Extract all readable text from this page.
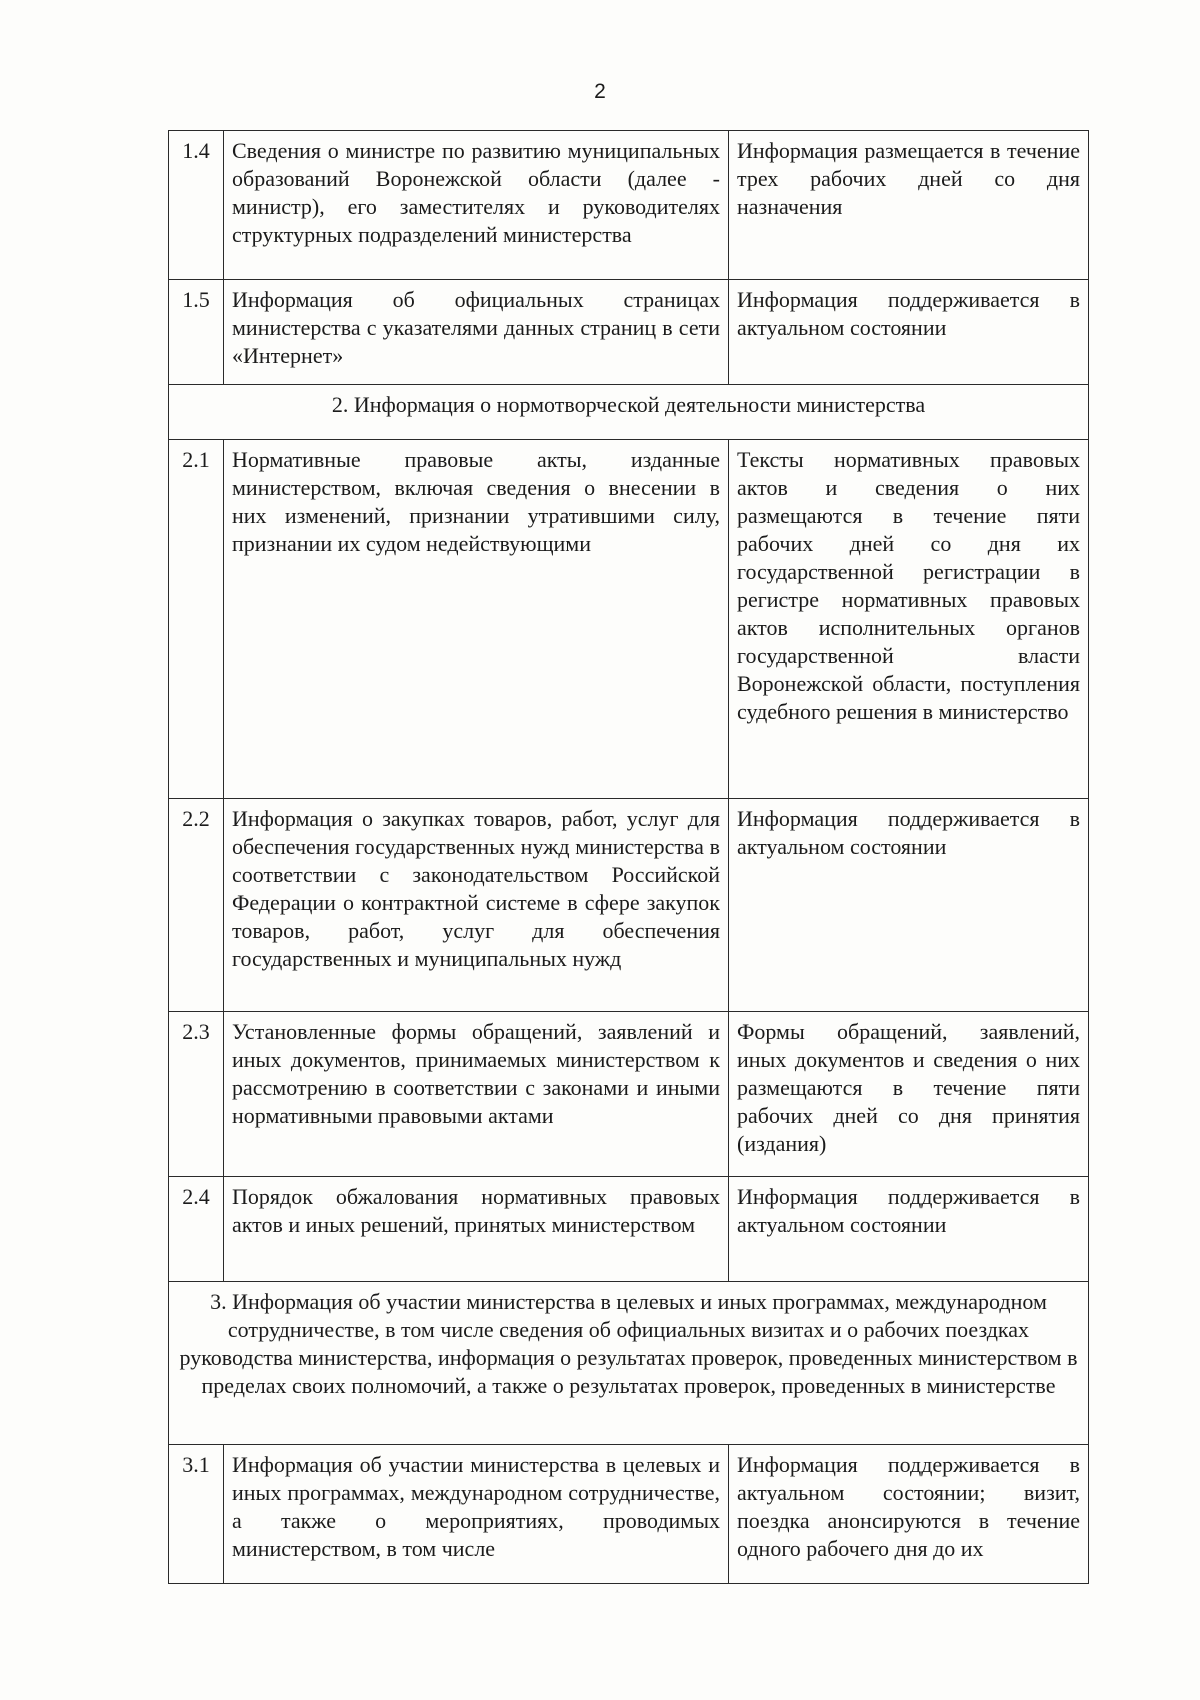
2
1.4	Сведения о министре по развитию муниципальных образований Воронежской области (далее - министр), его заместителях и руководителях структурных подразделений министерства	Информация размещается в течение трех рабочих дней со дня назначения
1.5	Информация об официальных страницах министерства с указателями данных страниц в сети «Интернет»	Информация поддерживается в актуальном состоянии
2. Информация о нормотворческой деятельности министерства		
2.1	Нормативные правовые акты, изданные министерством, включая сведения о внесении в них изменений, признании утратившими силу, признании их судом недействующими	Тексты нормативных правовых актов и сведения о них размещаются в течение пяти рабочих дней со дня их государственной регистрации в регистре нормативных правовых актов исполнительных органов государственной власти Воронежской области, поступления судебного решения в министерство
2.2	Информация о закупках товаров, работ, услуг для обеспечения государственных нужд министерства в соответствии с законодательством Российской Федерации о контрактной системе в сфере закупок товаров, работ, услуг для обеспечения государственных и муниципальных нужд	Информация поддерживается в актуальном состоянии
2.3	Установленные формы обращений, заявлений и иных документов, принимаемых министерством к рассмотрению в соответствии с законами и иными нормативными правовыми актами	Формы обращений, заявлений, иных документов и сведения о них размещаются в течение пяти рабочих дней со дня принятия (издания)
2.4	Порядок обжалования нормативных правовых актов и иных решений, принятых министерством	Информация поддерживается в актуальном состоянии
3. Информация об участии министерства в целевых и иных программах, международном сотрудничестве, в том числе сведения об официальных визитах и о рабочих поездках руководства министерства, информация о результатах проверок, проведенных министерством в пределах своих полномочий, а также о результатах проверок, проведенных в министерстве		
3.1	Информация об участии министерства в целевых и иных программах, международном сотрудничестве, а также о мероприятиях, проводимых министерством, в том числе	Информация поддерживается в актуальном состоянии; визит, поездка анонсируются в течение одного рабочего дня до их
